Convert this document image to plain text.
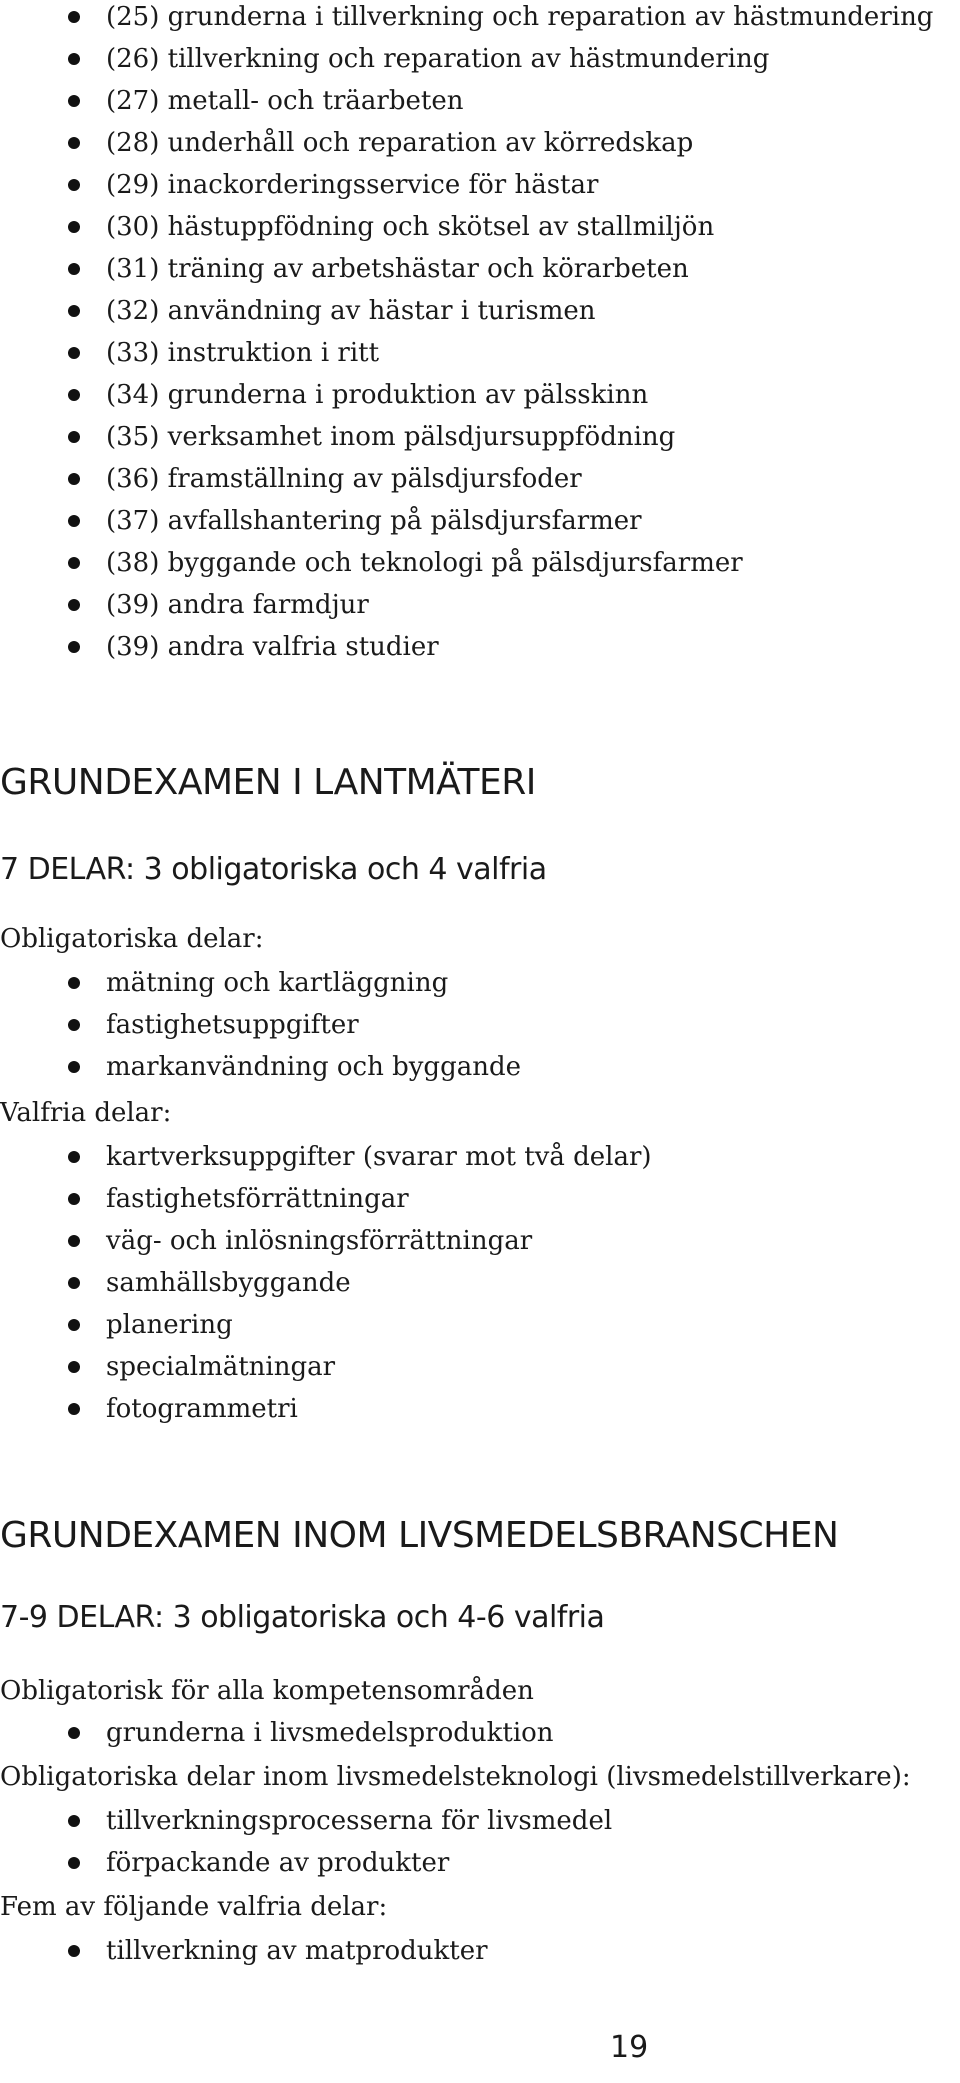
(25) grunderna i tillverkning och reparation av hästmundering
(26) tillverkning och reparation av hästmundering
(27) metall- och träarbeten
(28) underhåll och reparation av körredskap
(29) inackorderingsservice för hästar
(30) hästuppfödning och skötsel av stallmiljön
(31) träning av arbetshästar och körarbeten
(32) användning av hästar i turismen
(33) instruktion i ritt
(34) grunderna i produktion av pälsskinn
(35) verksamhet inom pälsdjursuppfödning
(36) framställning av pälsdjursfoder
(37) avfallshantering på pälsdjursfarmer
(38) byggande och teknologi på pälsdjursfarmer
(39) andra farmdjur
(39) andra valfria studier
GRUNDEXAMEN I LANTMÄTERI
7 DELAR: 3 obligatoriska och 4 valfria
Obligatoriska delar:
mätning och kartläggning
fastighetsuppgifter
markanvändning och byggande
Valfria delar:
kartverksuppgifter (svarar mot två delar)
fastighetsförrättningar
väg- och inlösningsförrättningar
samhällsbyggande
planering
specialmätningar
fotogrammetri
GRUNDEXAMEN INOM LIVSMEDELSBRANSCHEN
7-9 DELAR: 3 obligatoriska och 4-6 valfria
Obligatorisk för alla kompetensområden
grunderna i livsmedelsproduktion
Obligatoriska delar inom livsmedelsteknologi (livsmedelstillverkare):
tillverkningsprocesserna för livsmedel
förpackande av produkter
Fem av följande valfria delar:
tillverkning av matprodukter
19
